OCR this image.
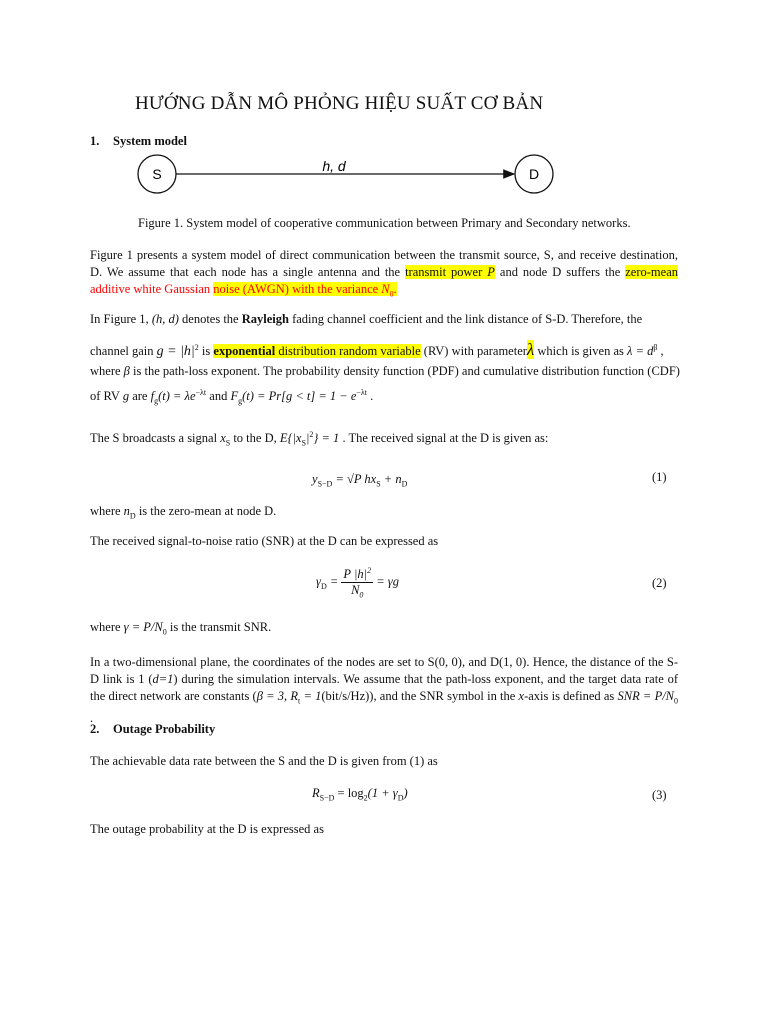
HƯỚNG DẪN MÔ PHỎNG HIỆU SUẤT CƠ BẢN
1. System model
S	h, d	D
Figure 1. System model of cooperative communication between Primary and Secondary networks.
Figure 1 presents a system model of direct communication between the transmit source, S, and receive destination, D. We assume that each node has a single antenna and the transmit power P and node D suffers the zero-mean additive white Gaussian noise (AWGN) with the variance $N_0$.
In Figure 1, (h, d) denotes the Rayleigh fading channel coefficient and the link distance of S-D. Therefore, the
channel gain $g = |h|^2$ is exponential distribution random variable (RV) with parameterλ which is given as $\lambda = d^\beta$ ,
where β is the path-loss exponent. The probability density function (PDF) and cumulative distribution function (CDF)
of RV g are $f_g(t) = \lambda e^{-\lambda t}$ and $F_g(t) = Pr[g < t] = 1 - e^{-\lambda t}$ .
The S broadcasts a signal $x_S$ to the D, $E\{|x_S|^2\} = 1$ . The received signal at the D is given as:
$y_{S-D} = √P$ $hx_S + n_D$	(1)
where $n_D$ is the zero-mean at node D.
The received signal-to-noise ratio (SNR) at the D can be expressed as
$\gamma_D = \frac{P |h|^2}{N_0} = \gamma g$	(2)
where $\gamma = P/N_0$ is the transmit SNR.
In a two-dimensional plane, the coordinates of the nodes are set to S(0, 0), and D(1, 0). Hence, the distance of the S-D link is 1 (d=1) during the simulation intervals. We assume that the path-loss exponent, and the target data rate of the direct network are constants (β = 3, $R_t = 1(bit/s/Hz)$), and the SNR symbol in the x-axis is defined as SNR = $P/N_0$ .
2. Outage Probability
The achievable data rate between the S and the D is given from (1) as
$R_{S-D} = \log_2(1 + \gamma_D)$	(3)
The outage probability at the D is expressed as
